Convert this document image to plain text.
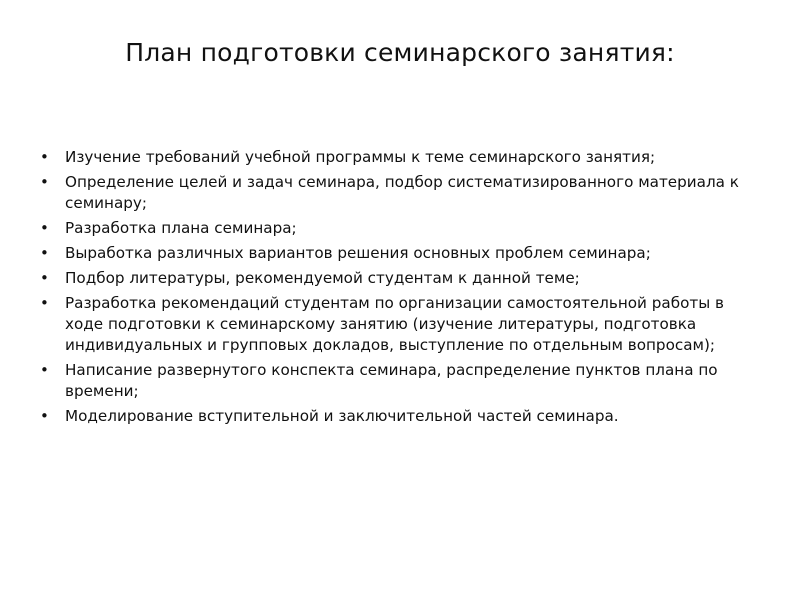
План подготовки семинарского занятия:
•	Изучение требований учебной программы к теме семинарского занятия;
•	Определение целей и задач семинара, подбор систематизированного материала к семинару;
•	Разработка плана семинара;
•	Выработка различных вариантов решения основных проблем семинара;
•	Подбор литературы, рекомендуемой студентам к данной теме;
•	Разработка рекомендаций студентам по организации самостоятельной работы в ходе подготовки к семинарскому занятию (изучение литературы, подготовка индивидуальных и групповых докладов, выступление по отдельным вопросам);
•	Написание развернутого конспекта семинара, распределение пунктов плана по времени;
•	Моделирование вступительной и заключительной частей семинара.
